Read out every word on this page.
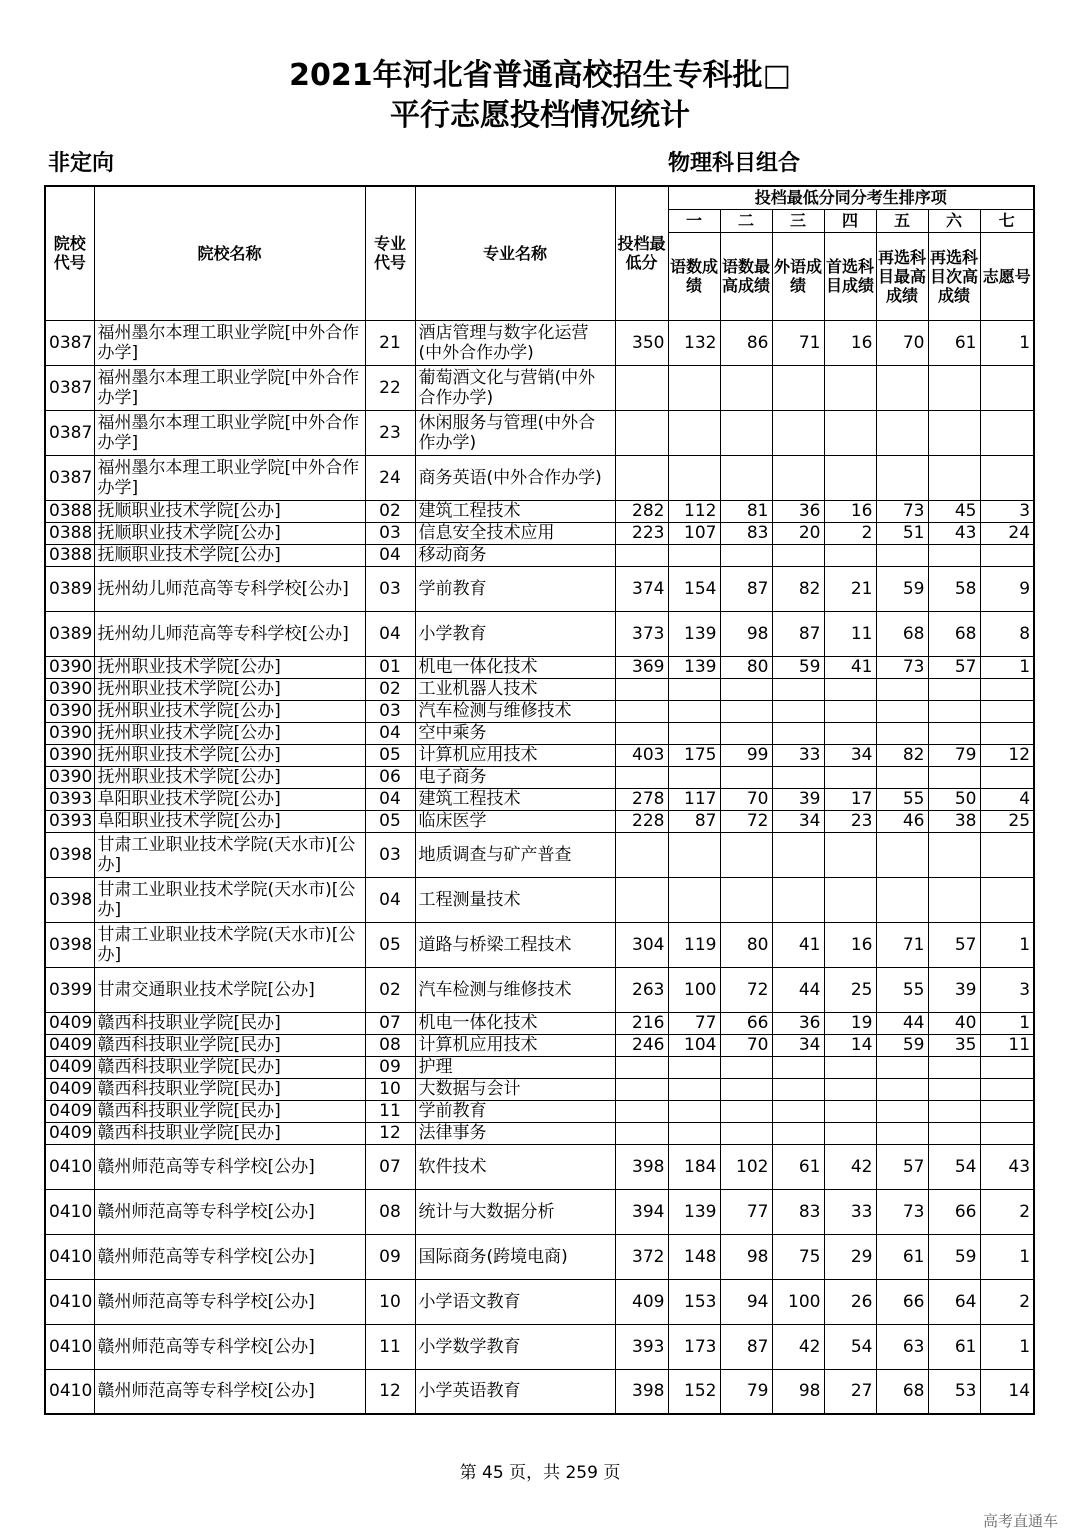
2021年河北省普通高校招生专科批□
平行志愿投档情况统计
非定向	物理科目组合
院校代号	院校名称	专业代号	专业名称	投档最低分	投档最低分同分考生排序项						
					一	二	三	四	五	六	七
					语数成绩	语数最高成绩	外语成绩	首选科目成绩	再选科目最高成绩	再选科目次高成绩	志愿号
0387	福州墨尔本理工职业学院[中外合作办学]	21	酒店管理与数字化运营(中外合作办学)	350	132	86	71	16	70	61	1
0387	福州墨尔本理工职业学院[中外合作办学]	22	葡萄酒文化与营销(中外合作办学)								
0387	福州墨尔本理工职业学院[中外合作办学]	23	休闲服务与管理(中外合作办学)								
0387	福州墨尔本理工职业学院[中外合作办学]	24	商务英语(中外合作办学)								
0388	抚顺职业技术学院[公办]	02	建筑工程技术	282	112	81	36	16	73	45	3
0388	抚顺职业技术学院[公办]	03	信息安全技术应用	223	107	83	20	2	51	43	24
0388	抚顺职业技术学院[公办]	04	移动商务								
0389	抚州幼儿师范高等专科学校[公办]	03	学前教育	374	154	87	82	21	59	58	9
0389	抚州幼儿师范高等专科学校[公办]	04	小学教育	373	139	98	87	11	68	68	8
0390	抚州职业技术学院[公办]	01	机电一体化技术	369	139	80	59	41	73	57	1
0390	抚州职业技术学院[公办]	02	工业机器人技术								
0390	抚州职业技术学院[公办]	03	汽车检测与维修技术								
0390	抚州职业技术学院[公办]	04	空中乘务								
0390	抚州职业技术学院[公办]	05	计算机应用技术	403	175	99	33	34	82	79	12
0390	抚州职业技术学院[公办]	06	电子商务								
0393	阜阳职业技术学院[公办]	04	建筑工程技术	278	117	70	39	17	55	50	4
0393	阜阳职业技术学院[公办]	05	临床医学	228	87	72	34	23	46	38	25
0398	甘肃工业职业技术学院(天水市)[公办]	03	地质调查与矿产普查								
0398	甘肃工业职业技术学院(天水市)[公办]	04	工程测量技术								
0398	甘肃工业职业技术学院(天水市)[公办]	05	道路与桥梁工程技术	304	119	80	41	16	71	57	1
0399	甘肃交通职业技术学院[公办]	02	汽车检测与维修技术	263	100	72	44	25	55	39	3
0409	赣西科技职业学院[民办]	07	机电一体化技术	216	77	66	36	19	44	40	1
0409	赣西科技职业学院[民办]	08	计算机应用技术	246	104	70	34	14	59	35	11
0409	赣西科技职业学院[民办]	09	护理								
0409	赣西科技职业学院[民办]	10	大数据与会计								
0409	赣西科技职业学院[民办]	11	学前教育								
0409	赣西科技职业学院[民办]	12	法律事务								
0410	赣州师范高等专科学校[公办]	07	软件技术	398	184	102	61	42	57	54	43
0410	赣州师范高等专科学校[公办]	08	统计与大数据分析	394	139	77	83	33	73	66	2
0410	赣州师范高等专科学校[公办]	09	国际商务(跨境电商)	372	148	98	75	29	61	59	1
0410	赣州师范高等专科学校[公办]	10	小学语文教育	409	153	94	100	26	66	64	2
0410	赣州师范高等专科学校[公办]	11	小学数学教育	393	173	87	42	54	63	61	1
0410	赣州师范高等专科学校[公办]	12	小学英语教育	398	152	79	98	27	68	53	14
第 45 页，共 259 页
高考直通车
